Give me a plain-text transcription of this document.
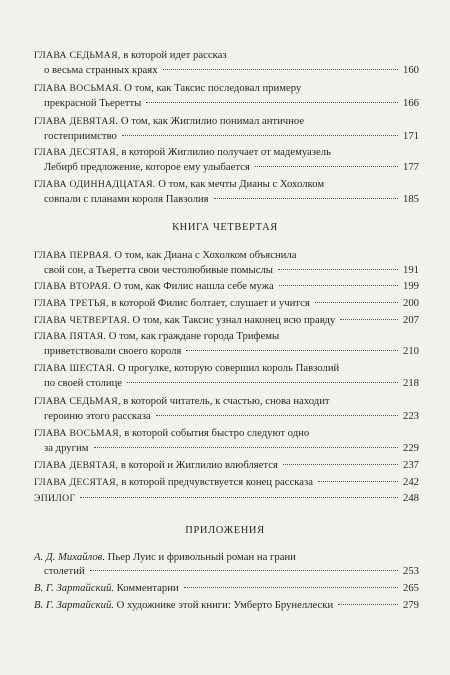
ГЛАВА СЕДЬМАЯ, в которой идет рассказ
о весьма странных краях	160
ГЛАВА ВОСЬМАЯ. О том, как Таксис последовал примеру
прекрасной Тьеретты	166
ГЛАВА ДЕВЯТАЯ. О том, как Жиглилио понимал античное
гостеприимство	171
ГЛАВА ДЕСЯТАЯ, в которой Жиглилио получает от мадемуазель
Лебирб предложение, которое ему улыбается	177
ГЛАВА ОДИННАДЦАТАЯ. О том, как мечты Дианы с Хохолком
совпали с планами короля Павзолия	185
КНИГА ЧЕТВЕРТАЯ
ГЛАВА ПЕРВАЯ. О том, как Диана с Хохолком объяснила
свой сон, а Тьеретта свои честолюбивые помыслы	191
ГЛАВА ВТОРАЯ.
О том, как Филис нашла себе мужа	199
ГЛАВА ТРЕТЬЯ,
в которой Филис болтает, слушает и учится	200
ГЛАВА ЧЕТВЕРТАЯ.
О том, как Таксис узнал наконец всю правду	207
ГЛАВА ПЯТАЯ. О том, как граждане города Трифемы
приветствовали своего короля	210
ГЛАВА ШЕСТАЯ. О прогулке, которую совершил король Павзолий
по своей столице	218
ГЛАВА СЕДЬМАЯ, в которой читатель, к счастью, снова находит
героиню этого рассказа	223
ГЛАВА ВОСЬМАЯ, в которой события быстро следуют одно
за другим	229
ГЛАВА ДЕВЯТАЯ,
в которой и Жиглилио влюбляется	237
ГЛАВА ДЕСЯТАЯ,
в которой предчувствуется конец рассказа	242
ЭПИЛОГ	248
ПРИЛОЖЕНИЯ
А. Д. Михайлов. Пьер Луис и фривольный роман на грани
столетий	253
В. Г. Зартайский.
Комментарии	265
В. Г. Зартайский.
О художнике этой книги: Умберто Брунеллески	279
